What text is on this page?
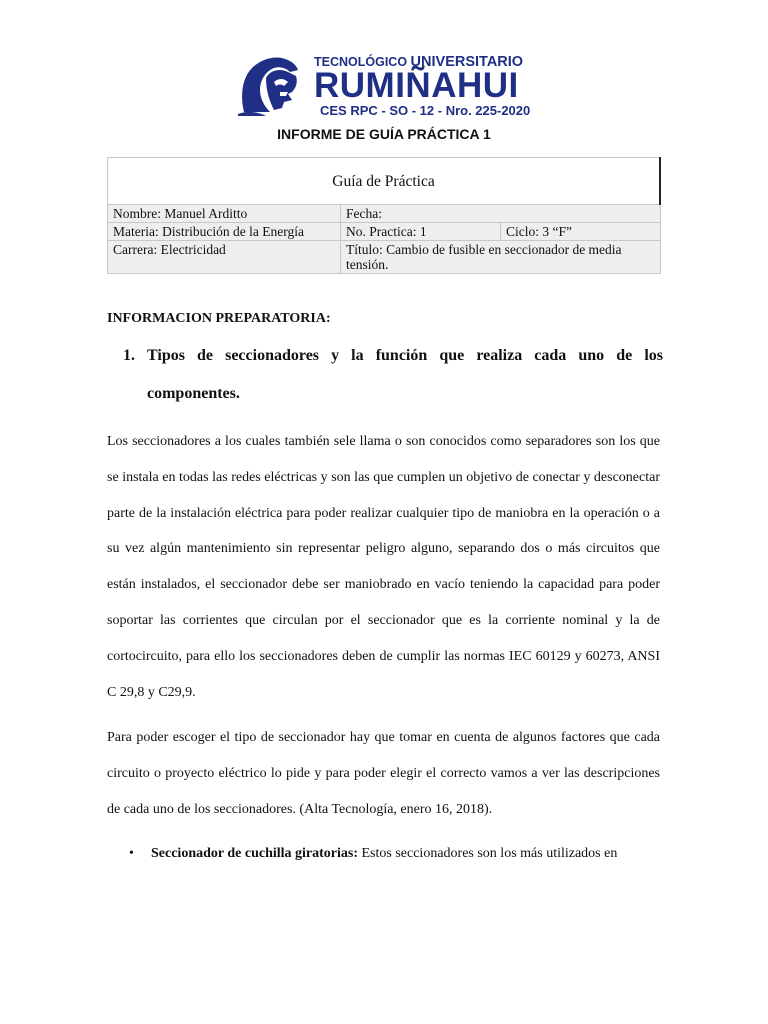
TECNOLÓGICO UNIVERSITARIO
RUMIÑAHUI
CES RPC - SO - 12 - Nro. 225-2020
INFORME DE GUÍA PRÁCTICA 1
Guía de Práctica		
Nombre: Manuel Arditto	Fecha:	
Materia: Distribución de la Energía	No. Practica: 1	Ciclo: 3 “F”
Carrera: Electricidad	Título: Cambio de fusible en seccionador de media tensión.	
INFORMACION PREPARATORIA:
1. Tipos de seccionadores y la función que realiza cada uno de los componentes.

Los seccionadores a los cuales también sele llama o son conocidos como separadores son los que se instala en todas las redes eléctricas y son las que cumplen un objetivo de conectar y desconectar parte de la instalación eléctrica para poder realizar cualquier tipo de maniobra en la operación o a su vez algún mantenimiento sin representar peligro alguno, separando dos o más circuitos que están instalados, el seccionador debe ser maniobrado en vacío teniendo la capacidad para poder soportar las corrientes que circulan por el seccionador que es la corriente nominal y la de cortocircuito, para ello los seccionadores deben de cumplir las normas IEC 60129 y 60273, ANSI C 29,8 y C29,9.

Para poder escoger el tipo de seccionador hay que tomar en cuenta de algunos factores que cada circuito o proyecto eléctrico lo pide y para poder elegir el correcto vamos a ver las descripciones de cada uno de los seccionadores. (Alta Tecnología, enero 16, 2018).

• Seccionador de cuchilla giratorias: Estos seccionadores son los más utilizados en
